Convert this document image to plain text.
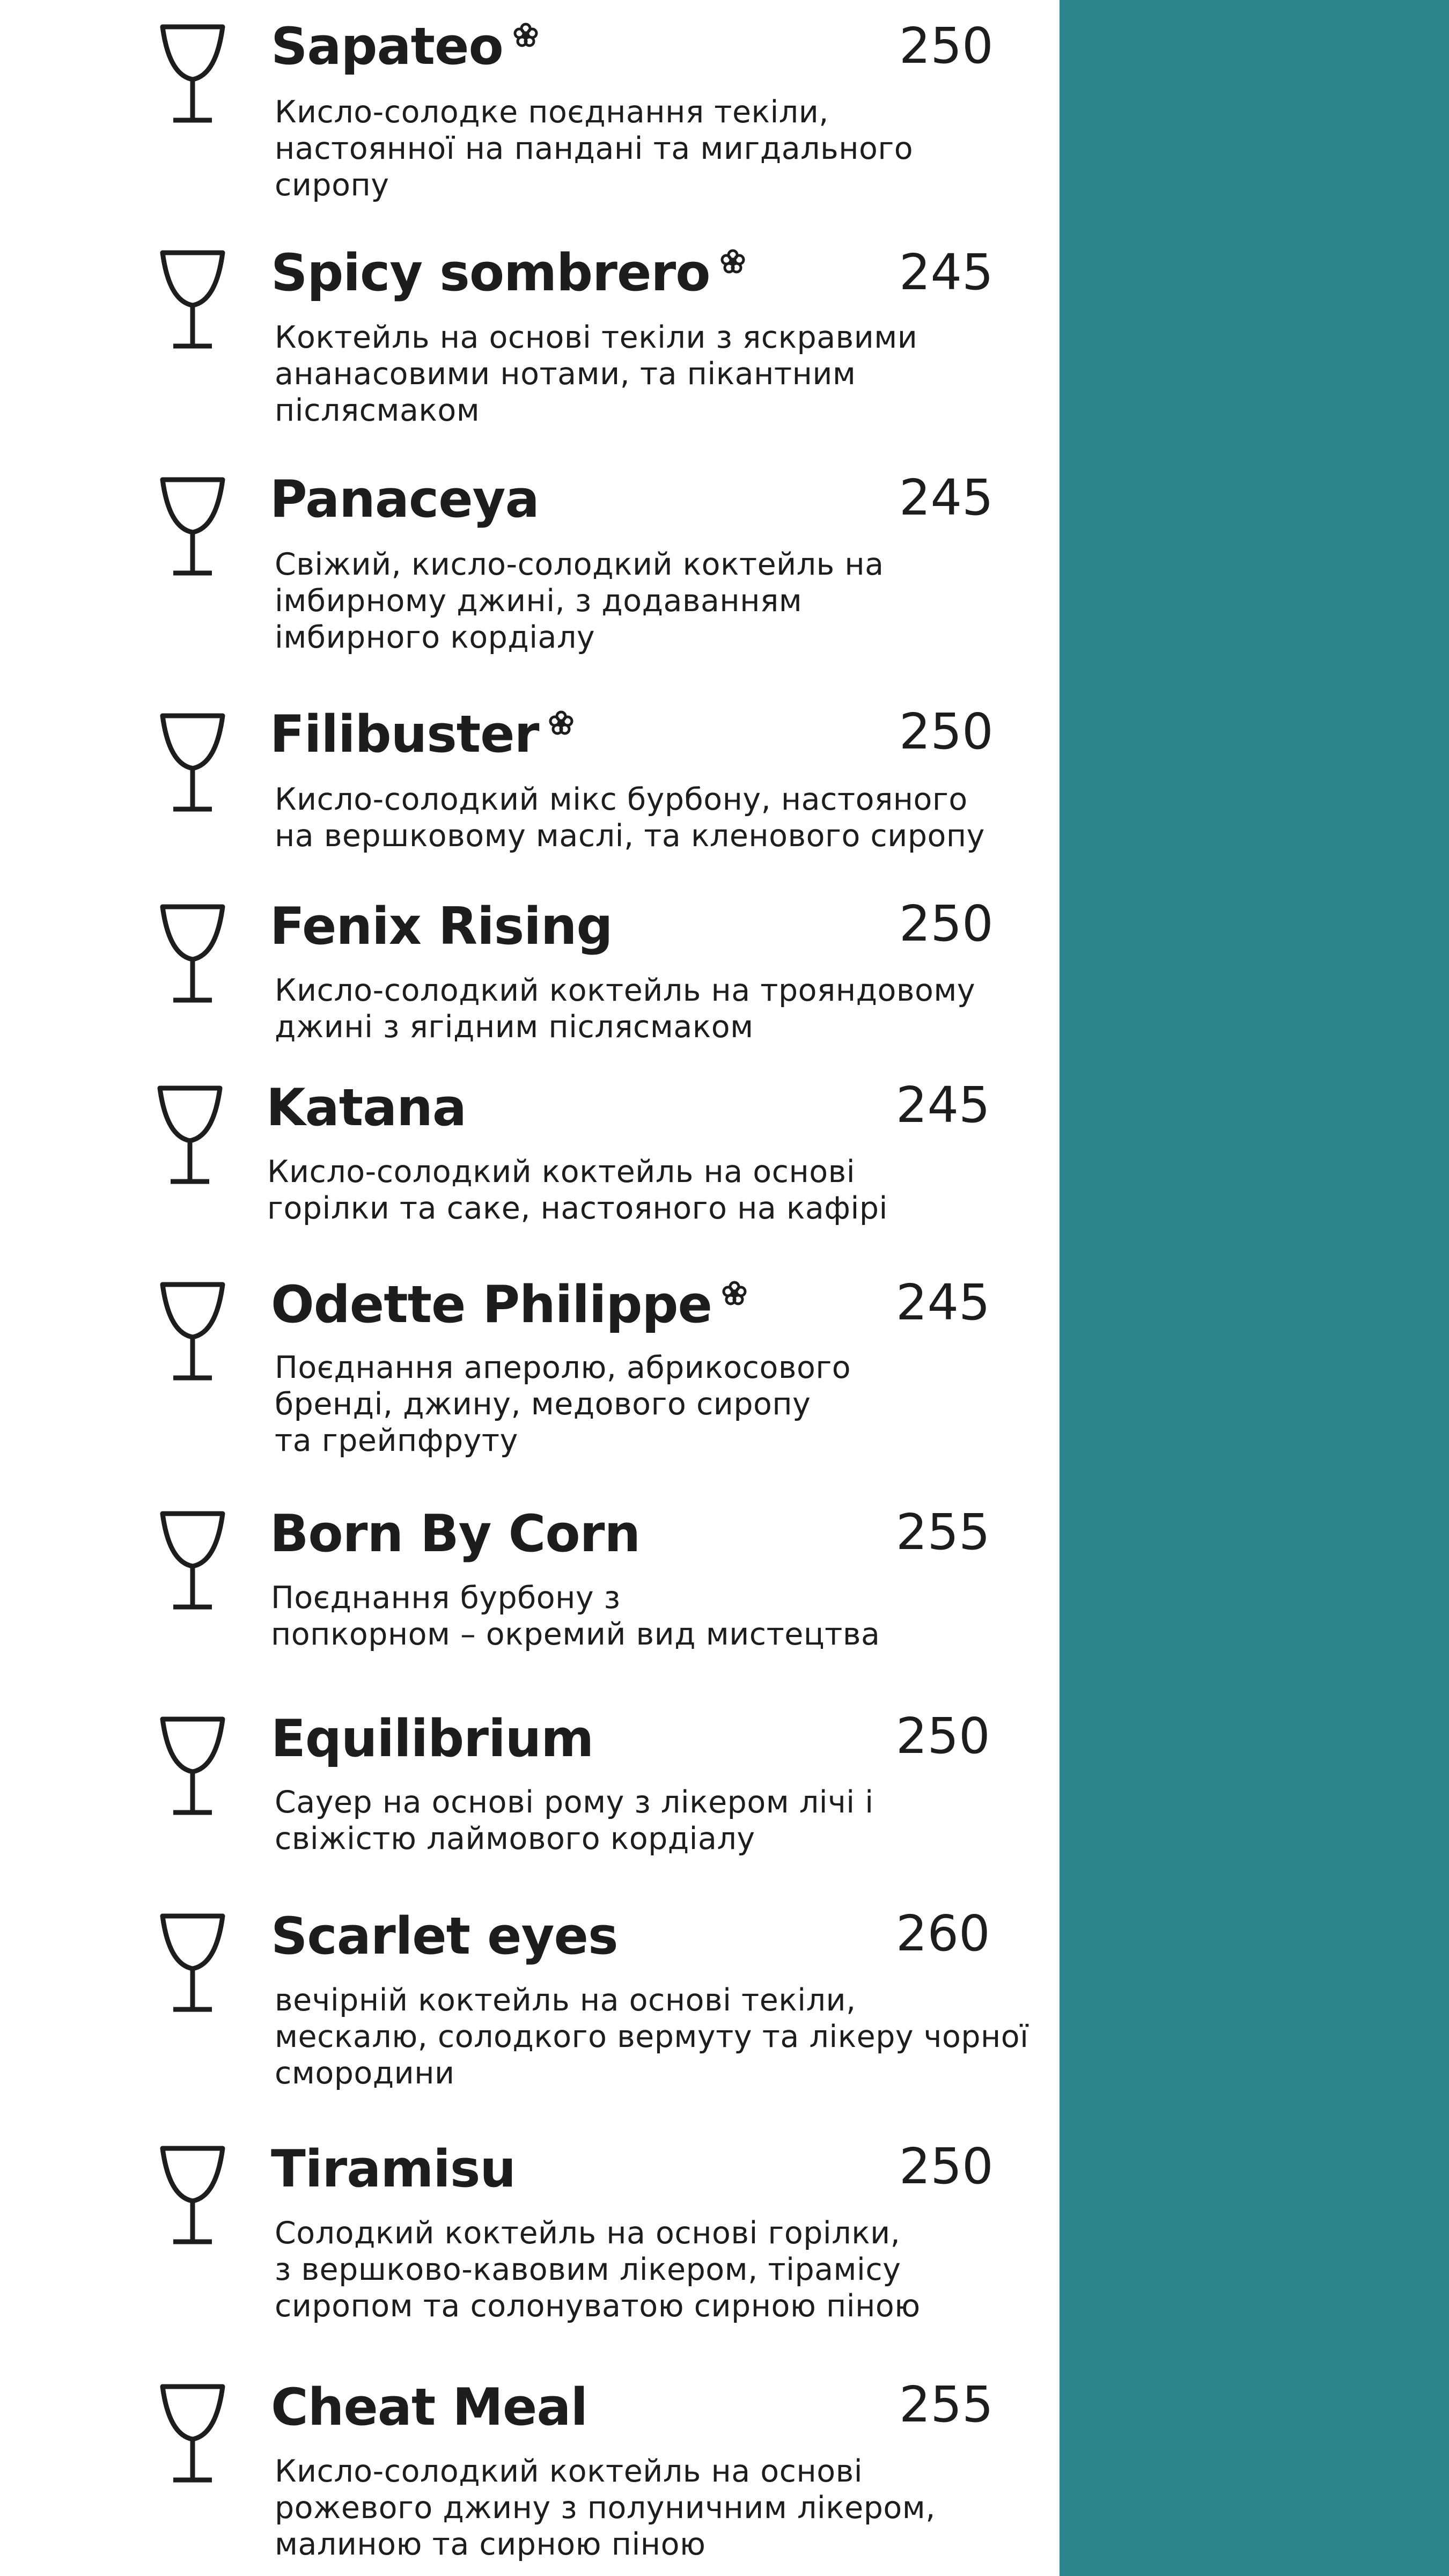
Sapateo	250
Кисло-солодке поєднання текіли,
настоянної на пандані та мигдального
сиропу
Spicy sombrero	245
Коктейль на основі текіли з яскравими
ананасовими нотами, та пікантним
післясмаком
Panaceya	245
Свіжий, кисло-солодкий коктейль на
імбирному джині, з додаванням
імбирного кордіалу
Filibuster	250
Кисло-солодкий мікс бурбону, настояного
на вершковому маслі, та кленового сиропу
Fenix Rising	250
Кисло-солодкий коктейль на трояндовому
джині з ягідним післясмаком
Katana	245
Кисло-солодкий коктейль на основі
горілки та саке, настояного на кафірі
Odette Philippe	245
Поєднання аперолю, абрикосового
бренді, джину, медового сиропу
та грейпфруту
Born By Corn	255
Поєднання бурбону з
попкорном – окремий вид мистецтва
Equilibrium	250
Сауер на основі рому з лікером лічі і
свіжістю лаймового кордіалу
Scarlet eyes	260
вечірній коктейль на основі текіли,
мескалю, солодкого вермуту та лікеру чорної
смородини
Tiramisu	250
Солодкий коктейль на основі горілки,
з вершково-кавовим лікером, тірамісу
сиропом та солонуватою сирною піною
Cheat Meal	255
Кисло-солодкий коктейль на основі
рожевого джину з полуничним лікером,
малиною та сирною піною
